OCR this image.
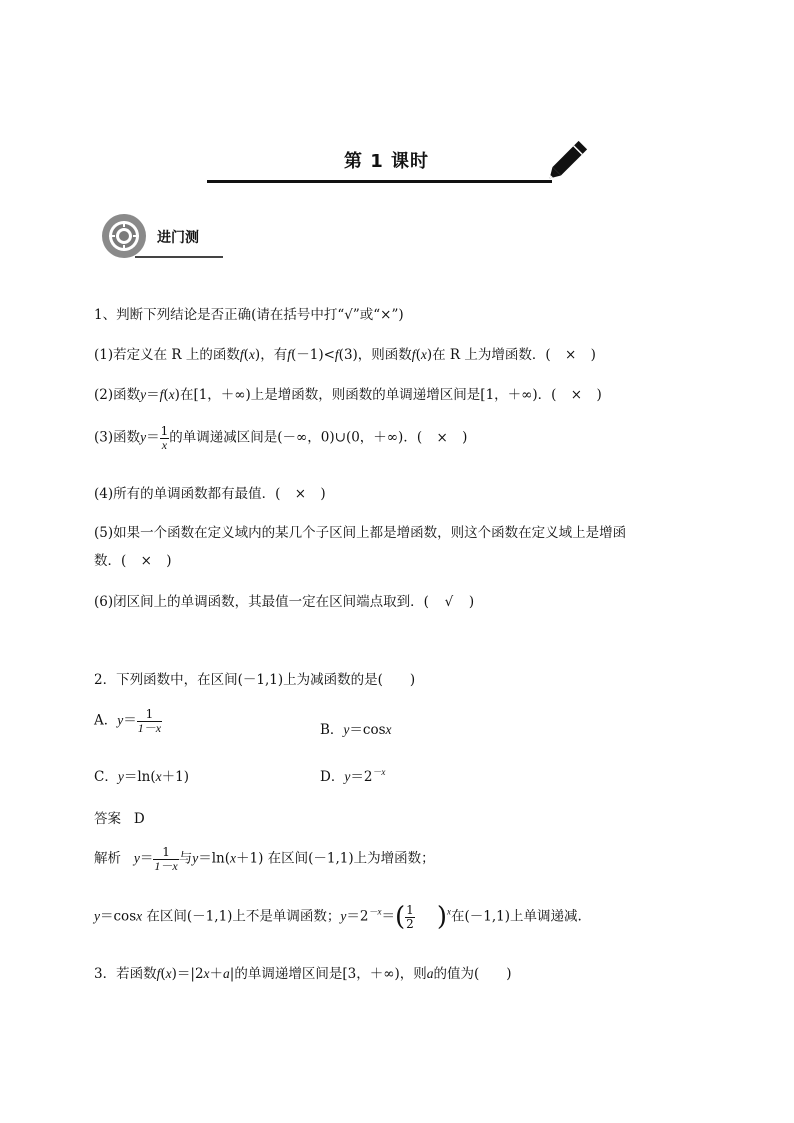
第 1 课时
进门测
1、判断下列结论是否正确(请在括号中打“√”或“×”)
(1)若定义在 R 上的函数f(x)，有f(－1)<f(3)，则函数f(x)在 R 上为增函数．( × )
(2)函数y＝f(x)在[1，＋∞)上是增函数，则函数的单调递增区间是[1，＋∞)．( × )
(3)函数$y= \frac{1}{x}$ 的单调递减区间是(－∞，0)∪(0，＋∞)．( × )
(4)所有的单调函数都有最值．( × )
(5)如果一个函数在定义域内的某几个子区间上都是增函数，则这个函数在定义域上是增函
数．( × )
(6)闭区间上的单调函数，其最值一定在区间端点取到．( √ )
2．下列函数中，在区间(－1,1)上为减函数的是(　　)
A．$y= \frac{1}{1-x}$	B．y＝cosx
C．y＝ln(x＋1)	D．$y=2^{-x}$
答案 D
解析 $y= \frac{1}{1-x}$ 与y＝ln(x＋1) 在区间(－1,1)上为增函数；
y＝cosx 在区间(－1,1)上不是单调函数；$y=2^{-x}=( \frac{1}{2} )^x$在(－1,1)上单调递减.
3．若函数f(x)＝|2x＋a|的单调递增区间是[3，＋∞)，则a的值为(　　)
